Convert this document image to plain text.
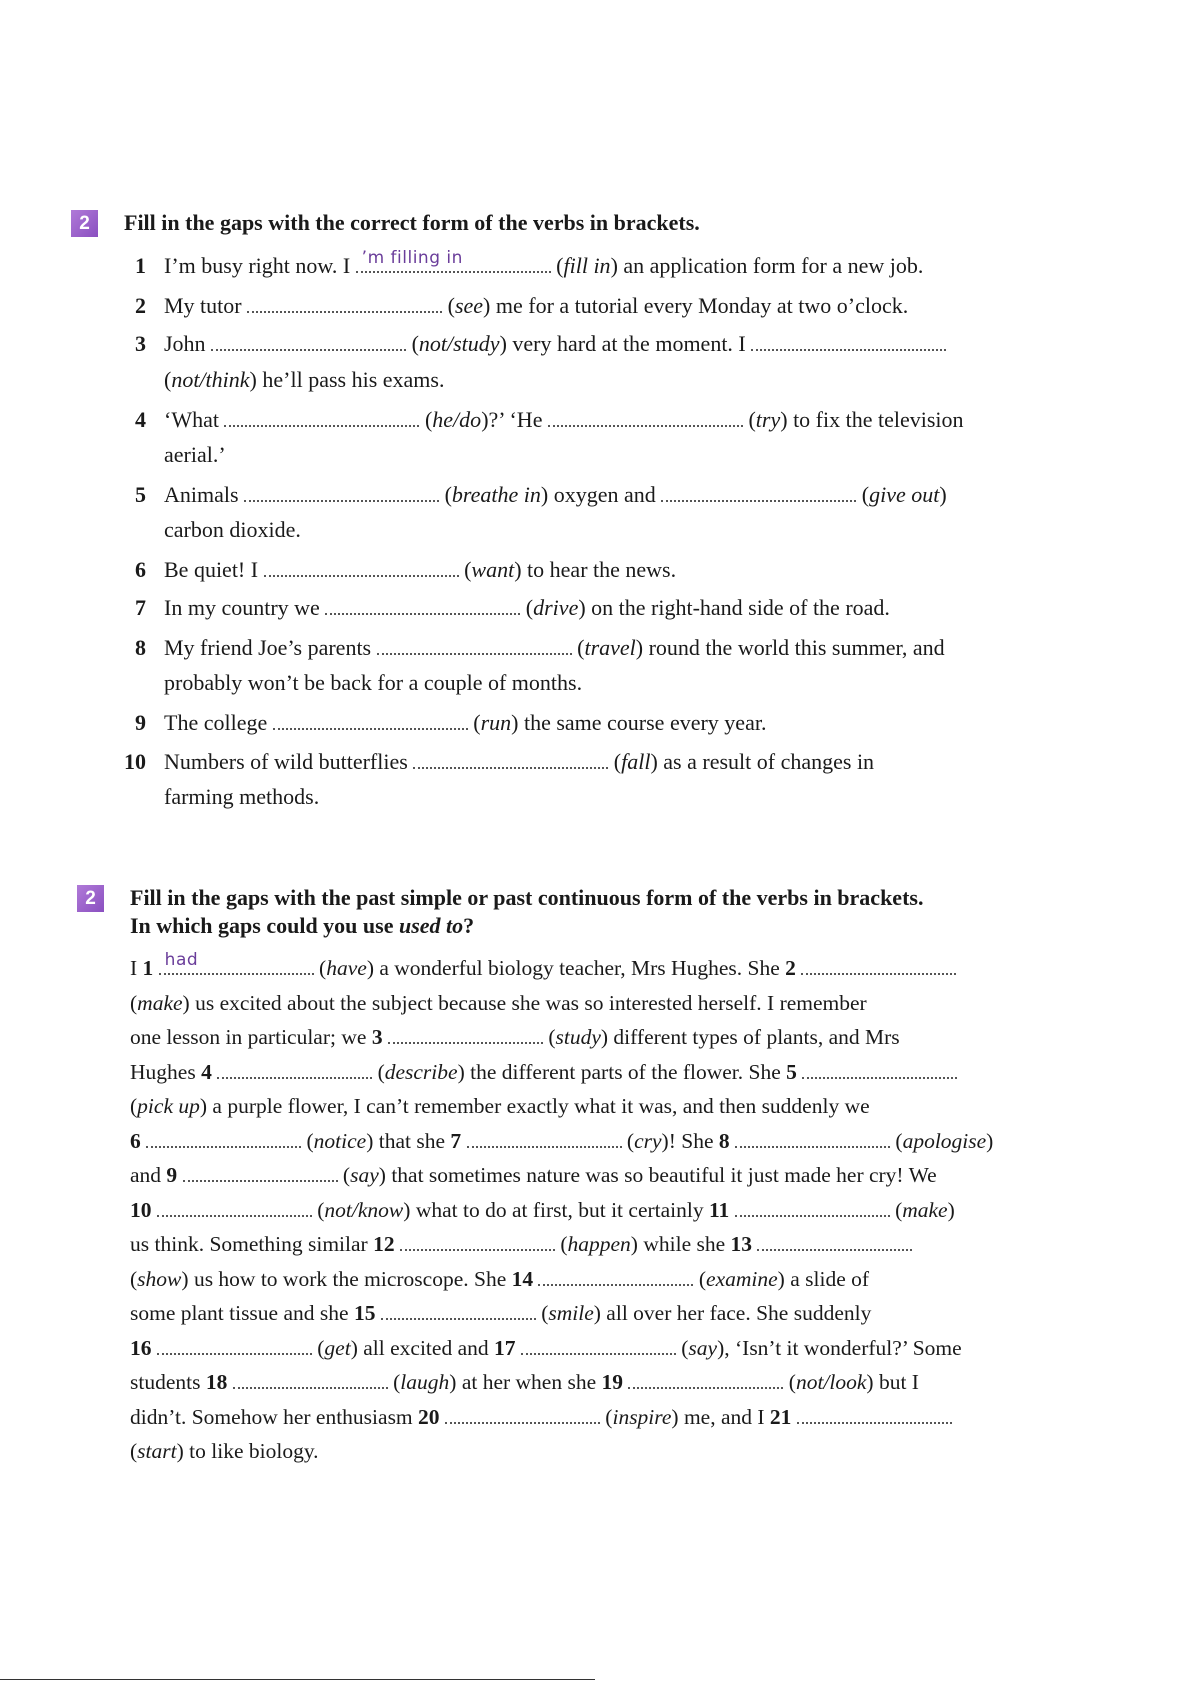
2	Fill in the gaps with the correct form of the verbs in brackets.
1 I’m busy right now. I ’m filling in	( fill in ) an application form for a new job.
2 My tutor	( see ) me for a tutorial every Monday at two o’clock.
3 John	( not/study ) very hard at the moment. I
( not/think ) he’ll pass his exams.
4 ‘What	( he/do ) ?’ ‘He	( try ) to fix the television
aerial.’
5 Animals	( breathe in ) oxygen and	( give out )
carbon dioxide.
6 Be quiet! I	( want ) to hear the news.
7 In my country we	( drive ) on the right-hand side of the road.
8 My friend Joe’s parents	( travel ) round the world this summer, and
probably won’t be back for a couple of months.
9 The college	( run ) the same course every year.
10 Numbers of wild butterflies	( fall ) as a result of changes in
farming methods.
2	Fill in the gaps with the past simple or past continuous form of the verbs in brackets.
In which gaps could you use used to?
I 1 had	( have ) a wonderful biology teacher, Mrs Hughes. She 2
( make ) us excited about the subject because she was so interested herself. I remember
one lesson in particular; we 3	( study ) different types of plants, and Mrs
Hughes 4	( describe ) the different parts of the flower. She 5
( pick up ) a purple flower, I can’t remember exactly what it was, and then suddenly we
6	( notice ) that she 7	( cry ) ! She 8	( apologise )
and 9	( say ) that sometimes nature was so beautiful it just made her cry! We
10	( not/know ) what to do at first, but it certainly 11	( make )
us think. Something similar 12	( happen ) while she 13
( show ) us how to work the microscope. She 14	( examine ) a slide of
some plant tissue and she 15	( smile ) all over her face. She suddenly
16	( get ) all excited and 17	( say ) , ‘Isn’t it wonderful?’ Some
students 18	( laugh ) at her when she 19	( not/look ) but I
didn’t. Somehow her enthusiasm 20	( inspire ) me, and I 21
( start ) to like biology.
